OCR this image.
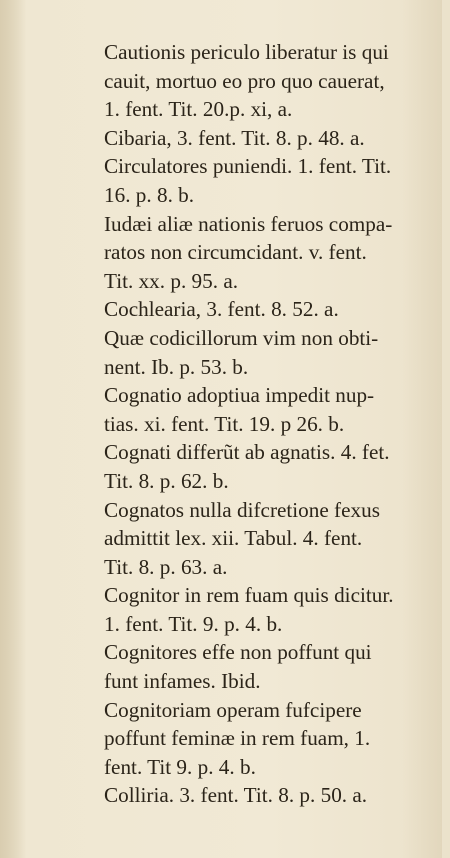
Cautionis periculo liberatur is qui
cauit, mortuo eo pro quo cauerat,
1. fent. Tit. 20.p. xi, a.
Cibaria, 3. fent. Tit. 8. p. 48. a.
Circulatores puniendi. 1. fent. Tit.
16. p. 8. b.
Iudæi aliæ nationis feruos compa-
ratos non circumcidant. v. fent.
Tit. xx. p. 95. a.
Cochlearia, 3. fent. 8. 52. a.
Quæ codicillorum vim non obti-
nent. Ib. p. 53. b.
Cognatio adoptiua impedit nup-
tias. xi. fent. Tit. 19. p 26. b.
Cognati differũt ab agnatis. 4. fet.
Tit. 8. p. 62. b.
Cognatos nulla difcretione fexus
admittit lex. xii. Tabul. 4. fent.
Tit. 8. p. 63. a.
Cognitor in rem fuam quis dicitur.
1. fent. Tit. 9. p. 4. b.
Cognitores effe non poffunt qui
funt infames. Ibid.
Cognitoriam operam fufcipere
poffunt feminæ in rem fuam, 1.
fent. Tit 9. p. 4. b.
Colliria. 3. fent. Tit. 8. p. 50. a.
